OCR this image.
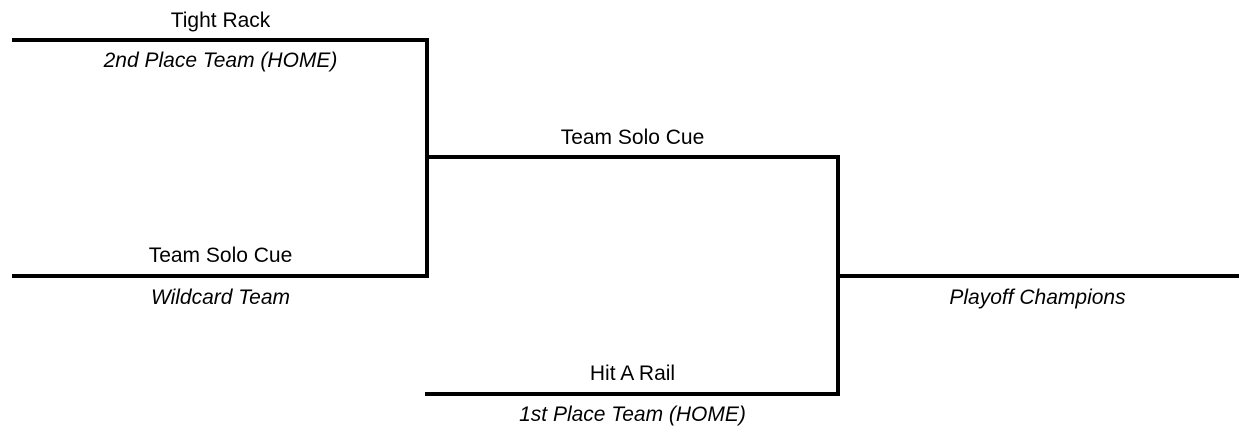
Tight Rack
2nd Place Team (HOME)
Team Solo Cue
Wildcard Team
Team Solo Cue
Hit A Rail
1st Place Team (HOME)
Playoff Champions
